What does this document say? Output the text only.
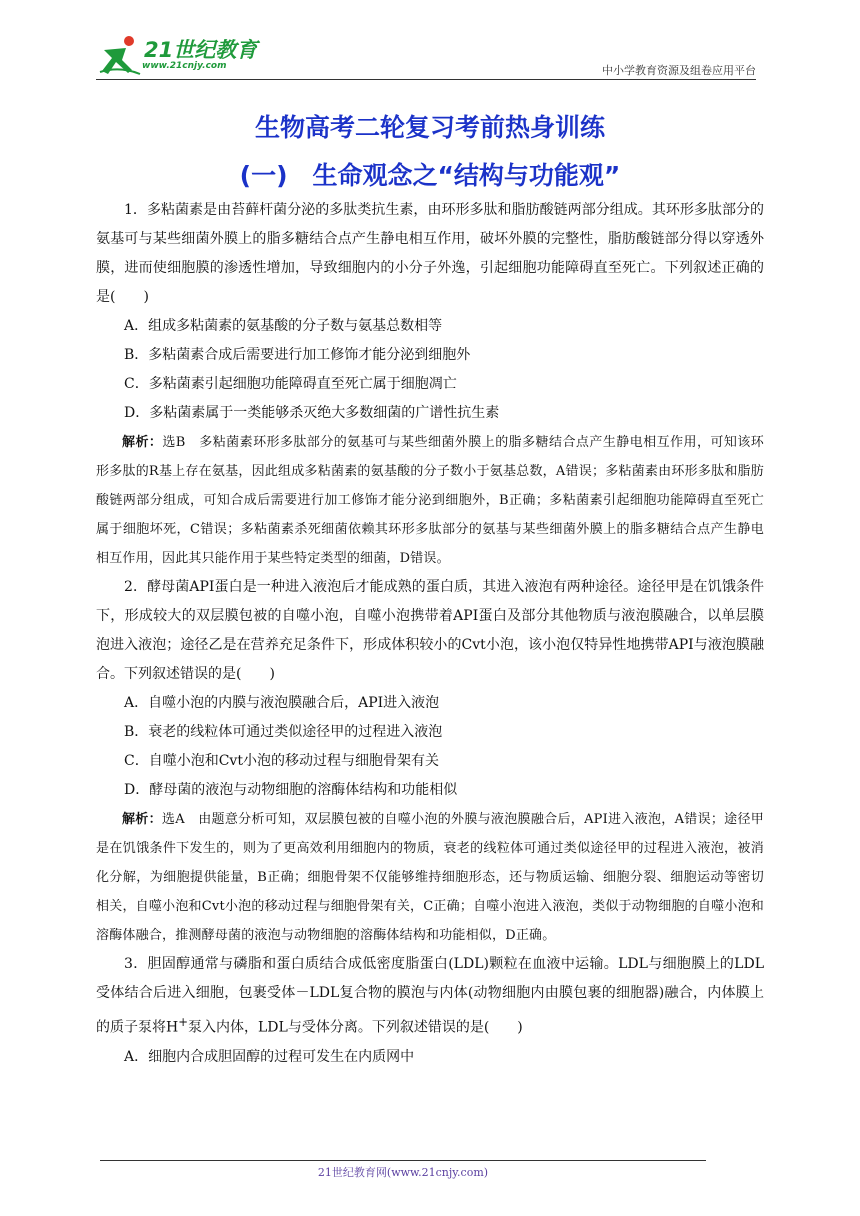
21世纪教育
www.21cnjy.com	中小学教育资源及组卷应用平台
生物高考二轮复习考前热身训练
(一)　生命观念之“结构与功能观”

1．多粘菌素是由苔藓杆菌分泌的多肽类抗生素，由环形多肽和脂肪酸链两部分组成。其环形多肽部分的氨基可与某些细菌外膜上的脂多糖结合点产生静电相互作用，破坏外膜的完整性，脂肪酸链部分得以穿透外膜，进而使细胞膜的渗透性增加，导致细胞内的小分子外逸，引起细胞功能障碍直至死亡。下列叙述正确的是(　　)

A．组成多粘菌素的氨基酸的分子数与氨基总数相等

B．多粘菌素合成后需要进行加工修饰才能分泌到细胞外

C．多粘菌素引起细胞功能障碍直至死亡属于细胞凋亡

D．多粘菌素属于一类能够杀灭绝大多数细菌的广谱性抗生素

解析：选B　多粘菌素环形多肽部分的氨基可与某些细菌外膜上的脂多糖结合点产生静电相互作用，可知该环形多肽的R基上存在氨基，因此组成多粘菌素的氨基酸的分子数小于氨基总数，A错误；多粘菌素由环形多肽和脂肪酸链两部分组成，可知合成后需要进行加工修饰才能分泌到细胞外，B正确；多粘菌素引起细胞功能障碍直至死亡属于细胞坏死，C错误；多粘菌素杀死细菌依赖其环形多肽部分的氨基与某些细菌外膜上的脂多糖结合点产生静电相互作用，因此其只能作用于某些特定类型的细菌，D错误。

2．酵母菌API蛋白是一种进入液泡后才能成熟的蛋白质，其进入液泡有两种途径。途径甲是在饥饿条件下，形成较大的双层膜包被的自噬小泡，自噬小泡携带着API蛋白及部分其他物质与液泡膜融合，以单层膜泡进入液泡；途径乙是在营养充足条件下，形成体积较小的Cvt小泡，该小泡仅特异性地携带API与液泡膜融合。下列叙述错误的是(　　)

A．自噬小泡的内膜与液泡膜融合后，API进入液泡

B．衰老的线粒体可通过类似途径甲的过程进入液泡

C．自噬小泡和Cvt小泡的移动过程与细胞骨架有关

D．酵母菌的液泡与动物细胞的溶酶体结构和功能相似

解析：选A　由题意分析可知，双层膜包被的自噬小泡的外膜与液泡膜融合后，API进入液泡，A错误；途径甲是在饥饿条件下发生的，则为了更高效利用细胞内的物质，衰老的线粒体可通过类似途径甲的过程进入液泡，被消化分解，为细胞提供能量，B正确；细胞骨架不仅能够维持细胞形态，还与物质运输、细胞分裂、细胞运动等密切相关，自噬小泡和Cvt小泡的移动过程与细胞骨架有关，C正确；自噬小泡进入液泡，类似于动物细胞的自噬小泡和溶酶体融合，推测酵母菌的液泡与动物细胞的溶酶体结构和功能相似，D正确。

3．胆固醇通常与磷脂和蛋白质结合成低密度脂蛋白(LDL)颗粒在血液中运输。LDL与细胞膜上的LDL受体结合后进入细胞，包裹受体－LDL复合物的膜泡与内体(动物细胞内由膜包裹的细胞器)融合，内体膜上的质子泵将H+泵入内体，LDL与受体分离。下列叙述错误的是(　　)

A．细胞内合成胆固醇的过程可发生在内质网中

21世纪教育网(www.21cnjy.com)
